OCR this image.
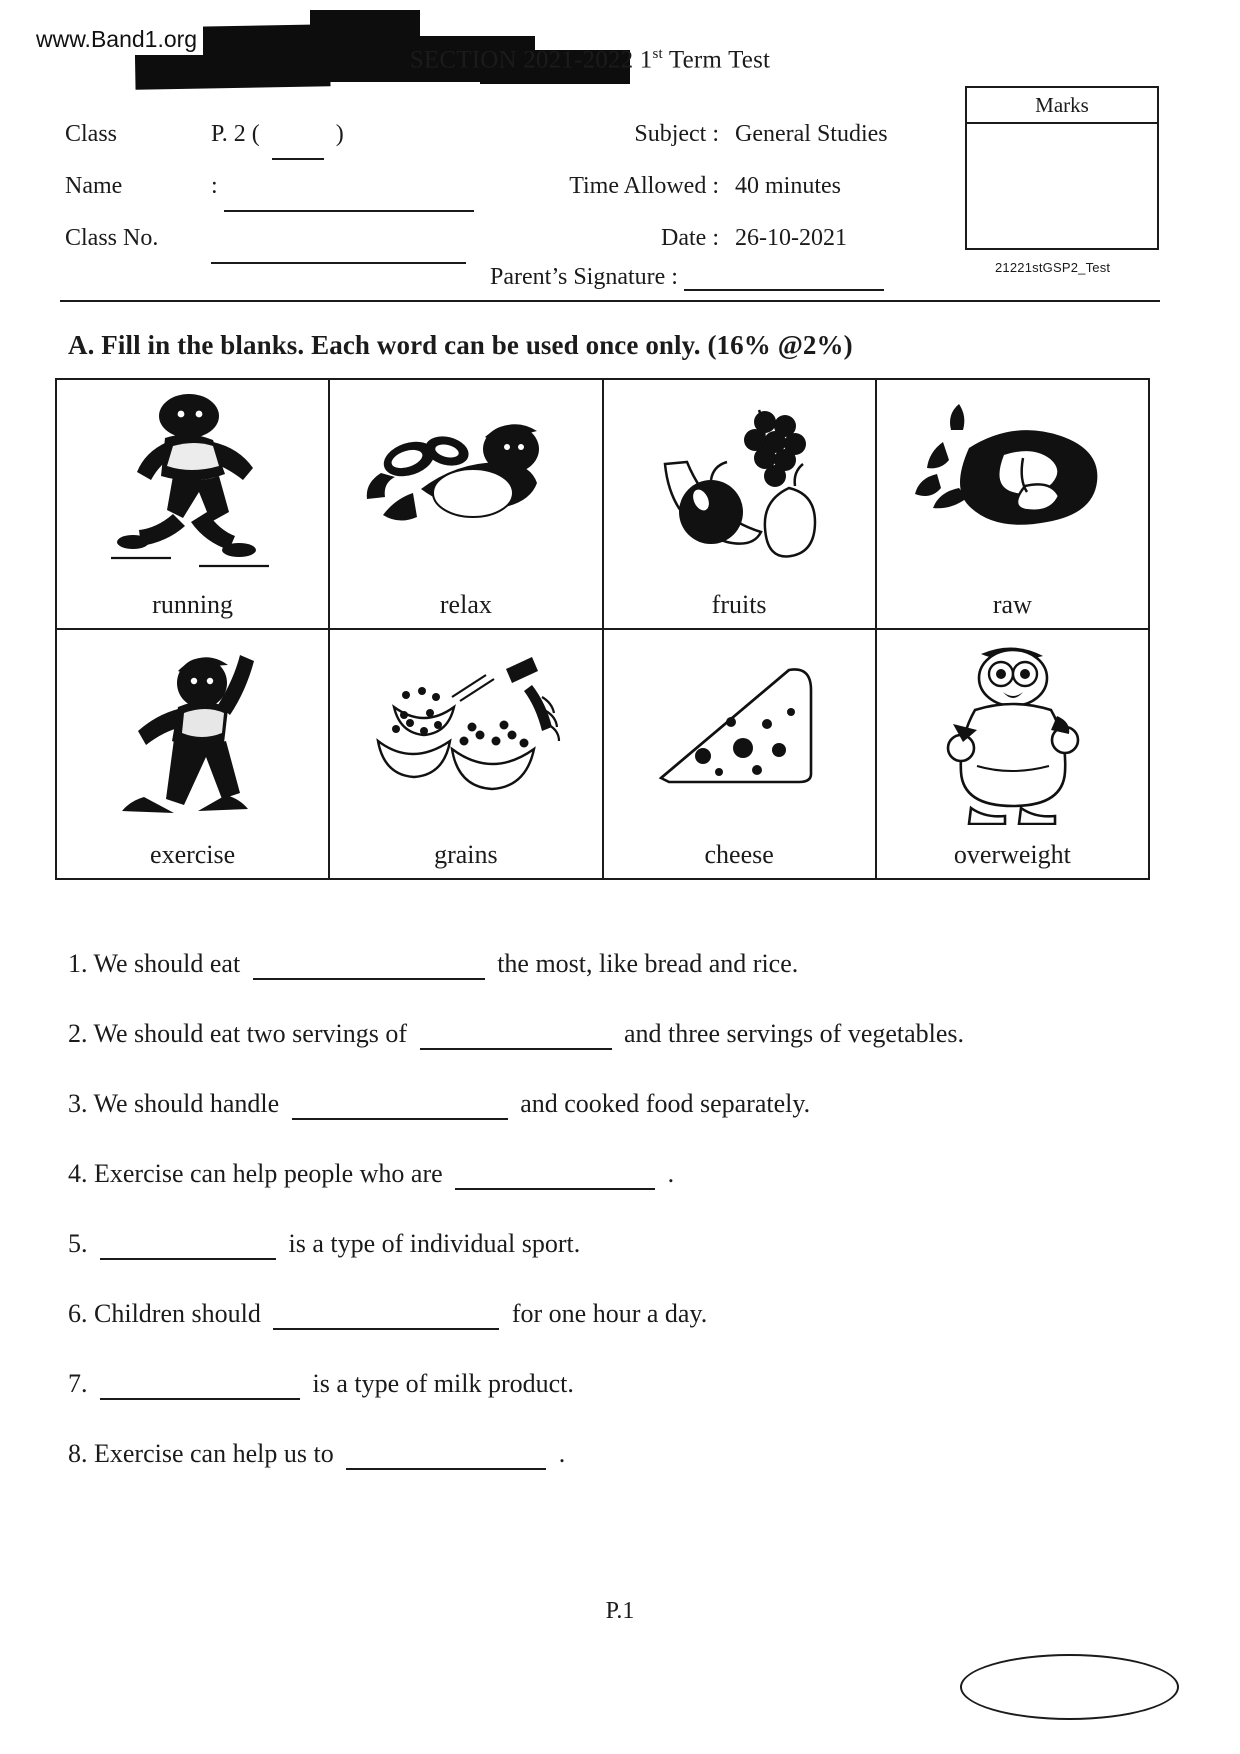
www.Band1.org
SECTION 2021-2022 1st Term Test
Class	P. 2 (	)
Name	:
Class No.
Subject : General Studies
Time Allowed : 40 minutes
Date : 26-10-2021
Parent’s Signature :
Marks
21221stGSP2_Test
A. Fill in the blanks. Each word can be used once only. (16% @2%)
running	relax	fruits	raw

exercise	grains	cheese	overweight
1. We should eat	the most, like bread and rice.
2. We should eat two servings of	and three servings of vegetables.
3. We should handle	and cooked food separately.
4. Exercise can help people who are	.
5.	is a type of individual sport.
6. Children should	for one hour a day.
7.	is a type of milk product.
8. Exercise can help us to	.
P.1
